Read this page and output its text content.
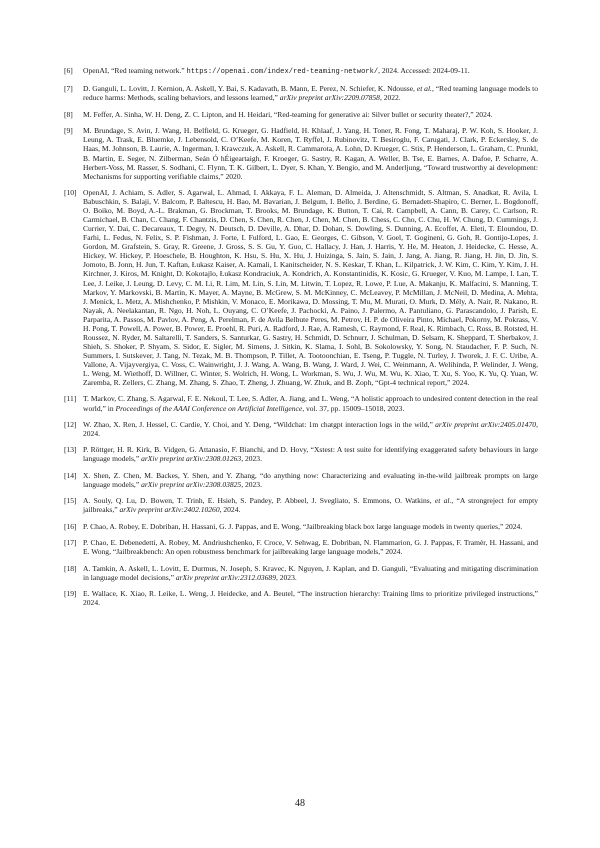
[6]	OpenAI, “Red teaming network.” https://openai.com/index/red-teaming-network/, 2024. Accessed: 2024-09-11.
[7]	D. Ganguli, L. Lovitt, J. Kernion, A. Askell, Y. Bai, S. Kadavath, B. Mann, E. Perez, N. Schiefer, K. Ndousse, et al., “Red teaming language models to reduce harms: Methods, scaling behaviors, and lessons learned,” arXiv preprint arXiv:2209.07858, 2022.
[8]	M. Feffer, A. Sinha, W. H. Deng, Z. C. Lipton, and H. Heidari, “Red-teaming for generative ai: Silver bullet or security theater?,” 2024.
[9]	M. Brundage, S. Avin, J. Wang, H. Belfield, G. Krueger, G. Hadfield, H. Khlaaf, J. Yang, H. Toner, R. Fong, T. Maharaj, P. W. Koh, S. Hooker, J. Leung, A. Trask, E. Bluemke, J. Lebensold, C. O’Keefe, M. Koren, T. Ryffel, J. Rubinovitz, T. Besiroglu, F. Carugati, J. Clark, P. Eckersley, S. de Haas, M. Johnson, B. Laurie, A. Ingerman, I. Krawczuk, A. Askell, R. Cammarota, A. Lohn, D. Krueger, C. Stix, P. Henderson, L. Graham, C. Prunkl, B. Martin, E. Seger, N. Zilberman, Seán Ó hÉigeartaigh, F. Kroeger, G. Sastry, R. Kagan, A. Weller, B. Tse, E. Barnes, A. Dafoe, P. Scharre, A. Herbert-Voss, M. Rasser, S. Sodhani, C. Flynn, T. K. Gilbert, L. Dyer, S. Khan, Y. Bengio, and M. Anderljung, “Toward trustworthy ai development: Mechanisms for supporting verifiable claims,” 2020.
[10] OpenAI, J. Achiam, S. Adler, S. Agarwal, L. Ahmad, I. Akkaya, F. L. Aleman, D. Almeida, J. Altenschmidt, S. Altman, S. Anadkat, R. Avila, I. Babuschkin, S. Balaji, V. Balcom, P. Baltescu, H. Bao, M. Bavarian, J. Belgum, I. Bello, J. Berdine, G. Bernadett-Shapiro, C. Berner, L. Bogdonoff, O. Boiko, M. Boyd, A.-L. Brakman, G. Brockman, T. Brooks, M. Brundage, K. Button, T. Cai, R. Campbell, A. Cann, B. Carey, C. Carlson, R. Carmichael, B. Chan, C. Chang, F. Chantzis, D. Chen, S. Chen, R. Chen, J. Chen, M. Chen, B. Chess, C. Cho, C. Chu, H. W. Chung, D. Cummings, J. Currier, Y. Dai, C. Decareaux, T. Degry, N. Deutsch, D. Deville, A. Dhar, D. Dohan, S. Dowling, S. Dunning, A. Ecoffet, A. Eleti, T. Eloundou, D. Farhi, L. Fedus, N. Felix, S. P. Fishman, J. Forte, I. Fulford, L. Gao, E. Georges, C. Gibson, V. Goel, T. Gogineni, G. Goh, R. Gontijo-Lopes, J. Gordon, M. Grafstein, S. Gray, R. Greene, J. Gross, S. S. Gu, Y. Guo, C. Hallacy, J. Han, J. Harris, Y. He, M. Heaton, J. Heidecke, C. Hesse, A. Hickey, W. Hickey, P. Hoeschele, B. Houghton, K. Hsu, S. Hu, X. Hu, J. Huizinga, S. Jain, S. Jain, J. Jang, A. Jiang, R. Jiang, H. Jin, D. Jin, S. Jomoto, B. Jonn, H. Jun, T. Kaftan, Łukasz Kaiser, A. Kamali, I. Kanitscheider, N. S. Keskar, T. Khan, L. Kilpatrick, J. W. Kim, C. Kim, Y. Kim, J. H. Kirchner, J. Kiros, M. Knight, D. Kokotajlo, Łukasz Kondraciuk, A. Kondrich, A. Konstantinidis, K. Kosic, G. Krueger, V. Kuo, M. Lampe, I. Lan, T. Lee, J. Leike, J. Leung, D. Levy, C. M. Li, R. Lim, M. Lin, S. Lin, M. Litwin, T. Lopez, R. Lowe, P. Lue, A. Makanju, K. Malfacini, S. Manning, T. Markov, Y. Markovski, B. Martin, K. Mayer, A. Mayne, B. McGrew, S. M. McKinney, C. McLeavey, P. McMillan, J. McNeil, D. Medina, A. Mehta, J. Menick, L. Metz, A. Mishchenko, P. Mishkin, V. Monaco, E. Morikawa, D. Mossing, T. Mu, M. Murati, O. Murk, D. Mély, A. Nair, R. Nakano, R. Nayak, A. Neelakantan, R. Ngo, H. Noh, L. Ouyang, C. O’Keefe, J. Pachocki, A. Paino, J. Palermo, A. Pantuliano, G. Parascandolo, J. Parish, E. Parparita, A. Passos, M. Pavlov, A. Peng, A. Perelman, F. de Avila Belbute Peres, M. Petrov, H. P. de Oliveira Pinto, Michael, Pokorny, M. Pokrass, V. H. Pong, T. Powell, A. Power, B. Power, E. Proehl, R. Puri, A. Radford, J. Rae, A. Ramesh, C. Raymond, F. Real, K. Rimbach, C. Ross, B. Rotsted, H. Roussez, N. Ryder, M. Saltarelli, T. Sanders, S. Santurkar, G. Sastry, H. Schmidt, D. Schnurr, J. Schulman, D. Selsam, K. Sheppard, T. Sherbakov, J. Shieh, S. Shoker, P. Shyam, S. Sidor, E. Sigler, M. Simens, J. Sitkin, K. Slama, I. Sohl, B. Sokolowsky, Y. Song, N. Staudacher, F. P. Such, N. Summers, I. Sutskever, J. Tang, N. Tezak, M. B. Thompson, P. Tillet, A. Tootoonchian, E. Tseng, P. Tuggle, N. Turley, J. Tworek, J. F. C. Uribe, A. Vallone, A. Vijayvergiya, C. Voss, C. Wainwright, J. J. Wang, A. Wang, B. Wang, J. Ward, J. Wei, C. Weinmann, A. Welihinda, P. Welinder, J. Weng, L. Weng, M. Wiethoff, D. Willner, C. Winter, S. Wolrich, H. Wong, L. Workman, S. Wu, J. Wu, M. Wu, K. Xiao, T. Xu, S. Yoo, K. Yu, Q. Yuan, W. Zaremba, R. Zellers, C. Zhang, M. Zhang, S. Zhao, T. Zheng, J. Zhuang, W. Zhuk, and B. Zoph, “Gpt-4 technical report,” 2024.
[11] T. Markov, C. Zhang, S. Agarwal, F. E. Nekoul, T. Lee, S. Adler, A. Jiang, and L. Weng, “A holistic approach to undesired content detection in the real world,” in Proceedings of the AAAI Conference on Artificial Intelligence, vol. 37, pp. 15009–15018, 2023.
[12] W. Zhao, X. Ren, J. Hessel, C. Cardie, Y. Choi, and Y. Deng, “Wildchat: 1m chatgpt interaction logs in the wild,” arXiv preprint arXiv:2405.01470, 2024.
[13] P. Röttger, H. R. Kirk, B. Vidgen, G. Attanasio, F. Bianchi, and D. Hovy, “Xstest: A test suite for identifying exaggerated safety behaviours in large language models,” arXiv preprint arXiv:2308.01263, 2023.
[14] X. Shen, Z. Chen, M. Backes, Y. Shen, and Y. Zhang, “do anything now: Characterizing and evaluating in-the-wild jailbreak prompts on large language models,” arXiv preprint arXiv:2308.03825, 2023.
[15] A. Souly, Q. Lu, D. Bowen, T. Trinh, E. Hsieh, S. Pandey, P. Abbeel, J. Svegliato, S. Emmons, O. Watkins, et al., “A strongreject for empty jailbreaks,” arXiv preprint arXiv:2402.10260, 2024.
[16] P. Chao, A. Robey, E. Dobriban, H. Hassani, G. J. Pappas, and E. Wong, “Jailbreaking black box large language models in twenty queries,” 2024.
[17] P. Chao, E. Debenedetti, A. Robey, M. Andriushchenko, F. Croce, V. Sehwag, E. Dobriban, N. Flammarion, G. J. Pappas, F. Tramèr, H. Hassani, and E. Wong, “Jailbreakbench: An open robustness benchmark for jailbreaking large language models,” 2024.
[18] A. Tamkin, A. Askell, L. Lovitt, E. Durmus, N. Joseph, S. Kravec, K. Nguyen, J. Kaplan, and D. Ganguli, “Evaluating and mitigating discrimination in language model decisions,” arXiv preprint arXiv:2312.03689, 2023.
[19] E. Wallace, K. Xiao, R. Leike, L. Weng, J. Heidecke, and A. Beutel, “The instruction hierarchy: Training llms to prioritize privileged instructions,” 2024.
48
